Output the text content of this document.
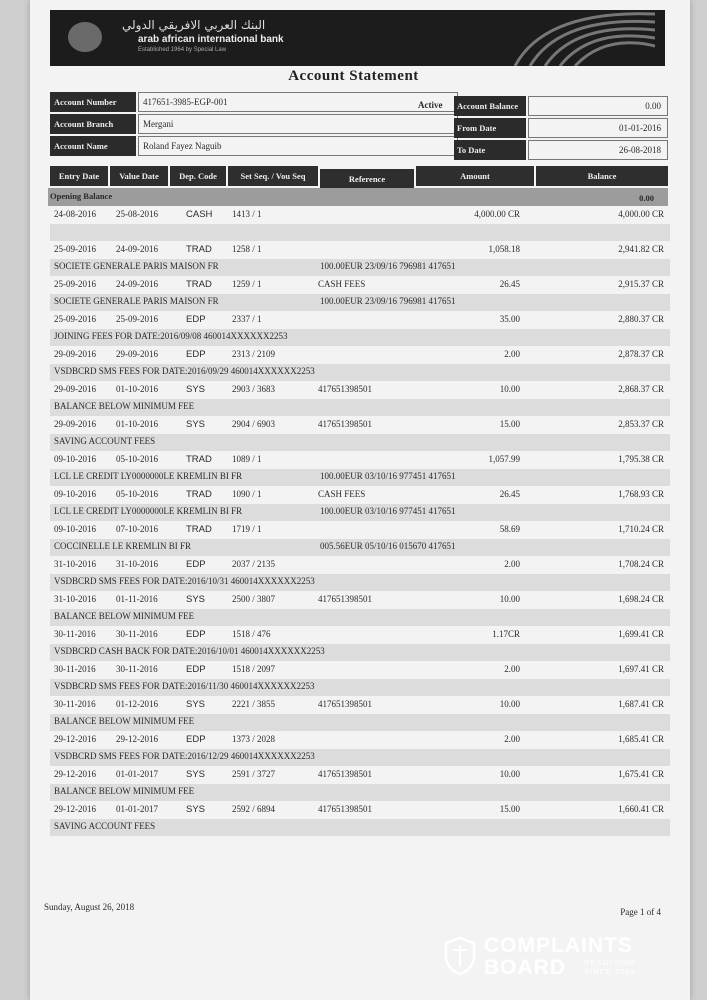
البنك العربي الافريقي الدولي
arab african international bank
Established 1964 by Special Law
Account Statement
Account Number	417651-3985-EGP-001
Account Branch	Mergani
Account Name	Roland Fayez Naguib
Active	Account Balance	0.00
From Date	01-01-2016
To Date	26-08-2018
Entry Date	Value Date	Dep. Code	Set Seq. / Vou Seq	Reference	Amount	Balance
Opening Balance	0.00
24-08-2016 25-08-2016	CASH 1413 / 1	4,000.00 CR	4,000.00 CR
25-09-2016 24-09-2016	TRAD 1258 / 1	1,058.18	2,941.82 CR
SOCIETE GENERALE PARIS MAISON FR	100.00EUR 23/09/16 796981 417651
25-09-2016 24-09-2016	TRAD 1259 / 1	CASH FEES	26.45	2,915.37 CR
SOCIETE GENERALE PARIS MAISON FR	100.00EUR 23/09/16 796981 417651
25-09-2016 25-09-2016	EDP	2337 / 1	35.00	2,880.37 CR
JOINING FEES FOR DATE:2016/09/08 460014XXXXXX2253
29-09-2016 29-09-2016	EDP	2313 / 2109	2.00	2,878.37 CR
VSDBCRD SMS FEES FOR DATE:2016/09/29 460014XXXXXX2253
29-09-2016 01-10-2016	SYS	2903 / 3683	417651398501	10.00	2,868.37 CR
BALANCE BELOW MINIMUM FEE
29-09-2016 01-10-2016	SYS	2904 / 6903	417651398501	15.00	2,853.37 CR
SAVING ACCOUNT FEES
09-10-2016 05-10-2016	TRAD 1089 / 1	1,057.99	1,795.38 CR
LCL LE CREDIT LY0000000LE KREMLIN BI FR	100.00EUR 03/10/16 977451 417651
09-10-2016 05-10-2016	TRAD 1090 / 1	CASH FEES	26.45	1,768.93 CR
LCL LE CREDIT LY0000000LE KREMLIN BI FR	100.00EUR 03/10/16 977451 417651
09-10-2016 07-10-2016	TRAD 1719 / 1	58.69	1,710.24 CR
COCCINELLE LE KREMLIN BI FR	005.56EUR 05/10/16 015670 417651
31-10-2016 31-10-2016	EDP	2037 / 2135	2.00	1,708.24 CR
VSDBCRD SMS FEES FOR DATE:2016/10/31 460014XXXXXX2253
31-10-2016 01-11-2016	SYS	2500 / 3807	417651398501	10.00	1,698.24 CR
BALANCE BELOW MINIMUM FEE
30-11-2016 30-11-2016	EDP	1518 / 476	1.17CR	1,699.41 CR
VSDBCRD CASH BACK FOR DATE:2016/10/01 460014XXXXXX2253
30-11-2016 30-11-2016	EDP	1518 / 2097	2.00	1,697.41 CR
VSDBCRD SMS FEES FOR DATE:2016/11/30 460014XXXXXX2253
30-11-2016 01-12-2016	SYS	2221 / 3855	417651398501	10.00	1,687.41 CR
BALANCE BELOW MINIMUM FEE
29-12-2016 29-12-2016	EDP	1373 / 2028	2.00	1,685.41 CR
VSDBCRD SMS FEES FOR DATE:2016/12/29 460014XXXXXX2253
29-12-2016 01-01-2017	SYS	2591 / 3727	417651398501	10.00	1,675.41 CR
BALANCE BELOW MINIMUM FEE
29-12-2016 01-01-2017	SYS	2592 / 6894	417651398501	15.00	1,660.41 CR
SAVING ACCOUNT FEES
Sunday, August 26, 2018	Page 1 of 4
COMPLAINTS
BOARD RESOLVING SINCE 2004
